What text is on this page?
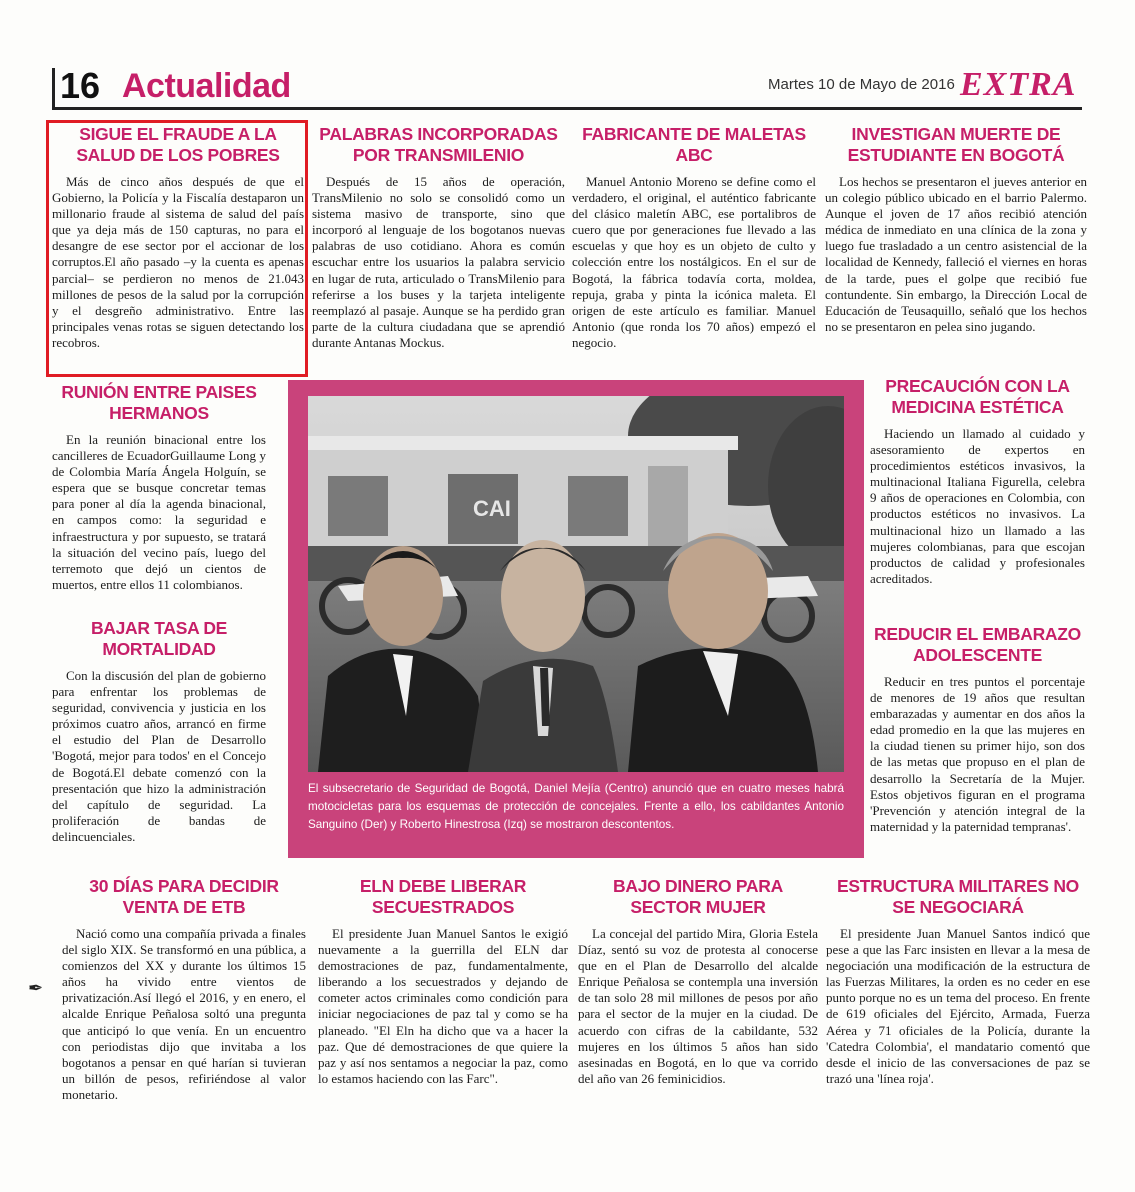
16 Actualidad	Martes 10 de Mayo de 2016 EXTRA
SIGUE EL FRAUDE A LA SALUD DE LOS POBRES

Más de cinco años después de que el Gobierno, la Policía y la Fiscalía destaparon un millonario fraude al sistema de salud del país que ya deja más de 150 capturas, no para el desangre de ese sector por el accionar de los corruptos.El año pasado –y la cuenta es apenas parcial– se perdieron no menos de 21.043 millones de pesos de la salud por la corrupción y el desgreño administrativo. Entre las principales venas rotas se siguen detectando los recobros.

PALABRAS INCORPORADAS POR TRANSMILENIO

Después de 15 años de operación, TransMilenio no solo se consolidó como un sistema masivo de transporte, sino que incorporó al lenguaje de los bogotanos nuevas palabras de uso cotidiano. Ahora es común escuchar entre los usuarios la palabra servicio en lugar de ruta, articulado o TransMilenio para referirse a los buses y la tarjeta inteligente reemplazó al pasaje. Aunque se ha perdido gran parte de la cultura ciudadana que se aprendió durante Antanas Mockus.

FABRICANTE DE MALETAS ABC

Manuel Antonio Moreno se define como el verdadero, el original, el auténtico fabricante del clásico maletín ABC, ese portalibros de cuero que por generaciones fue llevado a las escuelas y que hoy es un objeto de culto y colección entre los nostálgicos. En el sur de Bogotá, la fábrica todavía corta, moldea, repuja, graba y pinta la icónica maleta. El origen de este artículo es familiar. Manuel Antonio (que ronda los 70 años) empezó el negocio.

INVESTIGAN MUERTE DE ESTUDIANTE EN BOGOTÁ

Los hechos se presentaron el jueves anterior en un colegio público ubicado en el barrio Palermo. Aunque el joven de 17 años recibió atención médica de inmediato en una clínica de la zona y luego fue trasladado a un centro asistencial de la localidad de Kennedy, falleció el viernes en horas de la tarde, pues el golpe que recibió fue contundente. Sin embargo, la Dirección Local de Educación de Teusaquillo, señaló que los hechos no se presentaron en pelea sino jugando.

RUNIÓN ENTRE PAISES HERMANOS

En la reunión binacional entre los cancilleres de EcuadorGuillaume Long y de Colombia María Ángela Holguín, se espera que se busque concretar temas para poner al día la agenda binacional, en campos como: la seguridad e infraestructura y por supuesto, se tratará la situación del vecino país, luego del terremoto que dejó un cientos de muertos, entre ellos 11 colombianos.

BAJAR TASA DE MORTALIDAD

Con la discusión del plan de gobierno para enfrentar los problemas de seguridad, convivencia y justicia en los próximos cuatro años, arrancó en firme el estudio del Plan de Desarrollo 'Bogotá, mejor para todos' en el Concejo de Bogotá.El debate comenzó con la presentación que hizo la administración del capítulo de seguridad. La proliferación de bandas de delincuenciales.

PRECAUCIÓN CON LA MEDICINA ESTÉTICA

Haciendo un llamado al cuidado y asesoramiento de expertos en procedimientos estéticos invasivos, la multinacional Italiana Figurella, celebra 9 años de operaciones en Colombia, con productos estéticos no invasivos. La multinacional hizo un llamado a las mujeres colombianas, para que escojan productos de calidad y profesionales acreditados.

REDUCIR EL EMBARAZO ADOLESCENTE

Reducir en tres puntos el porcentaje de menores de 19 años que resultan embarazadas y aumentar en dos años la edad promedio en la que las mujeres en la ciudad tienen su primer hijo, son dos de las metas que propuso en el plan de desarrollo la Secretaría de la Mujer. Estos objetivos figuran en el programa 'Prevención y atención integral de la maternidad y la paternidad tempranas'.

CAI
El subsecretario de Seguridad de Bogotá, Daniel Mejía (Centro) anunció que en cuatro meses habrá motocicletas para los esquemas de protección de concejales. Frente a ello, los cabildantes Antonio Sanguino (Der) y Roberto Hinestrosa (Izq) se mostraron descontentos.
30 DÍAS PARA DECIDIR VENTA DE ETB

Nació como una compañía privada a finales del siglo XIX. Se transformó en una pública, a comienzos del XX y durante los últimos 15 años ha vivido entre vientos de privatización.Así llegó el 2016, y en enero, el alcalde Enrique Peñalosa soltó una pregunta que anticipó lo que venía. En un encuentro con periodistas dijo que invitaba a los bogotanos a pensar en qué harían si tuvieran un billón de pesos, refiriéndose al valor monetario.

ELN DEBE LIBERAR SECUESTRADOS

El presidente Juan Manuel Santos le exigió nuevamente a la guerrilla del ELN dar demostraciones de paz, fundamentalmente, liberando a los secuestrados y dejando de cometer actos criminales como condición para iniciar negociaciones de paz tal y como se ha planeado. "El Eln ha dicho que va a hacer la paz. Que dé demostraciones de que quiere la paz y así nos sentamos a negociar la paz, como lo estamos haciendo con las Farc".

BAJO DINERO PARA SECTOR MUJER

La concejal del partido Mira, Gloria Estela Díaz, sentó su voz de protesta al conocerse que en el Plan de Desarrollo del alcalde Enrique Peñalosa se contempla una inversión de tan solo 28 mil millones de pesos por año para el sector de la mujer en la ciudad. De acuerdo con cifras de la cabildante, 532 mujeres en los últimos 5 años han sido asesinadas en Bogotá, en lo que va corrido del año van 26 feminicidios.

ESTRUCTURA MILITARES NO SE NEGOCIARÁ

El presidente Juan Manuel Santos indicó que pese a que las Farc insisten en llevar a la mesa de negociación una modificación de la estructura de las Fuerzas Militares, la orden es no ceder en ese punto porque no es un tema del proceso. En frente de 619 oficiales del Ejército, Armada, Fuerza Aérea y 71 oficiales de la Policía, durante la 'Catedra Colombia', el mandatario comentó que desde el inicio de las conversaciones de paz se trazó una 'línea roja'.

✒
